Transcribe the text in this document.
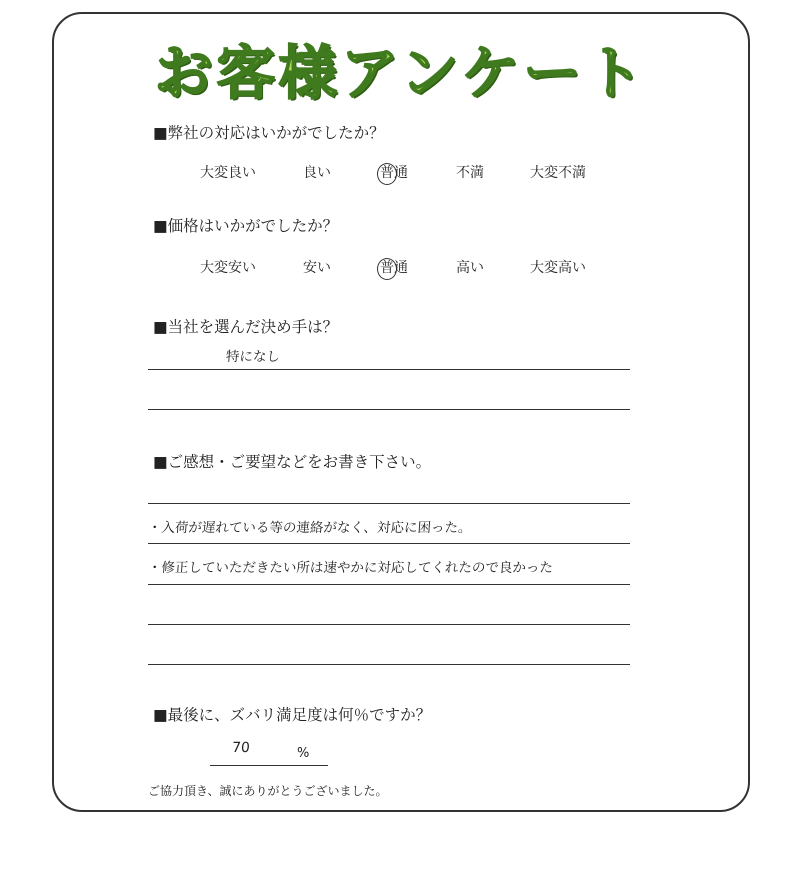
お客様アンケート
■弊社の対応はいかがでしたか？
大変良い	良い	普通	不満	大変不満
■価格はいかがでしたか？
大変安い	安い	普通	高い	大変高い
■当社を選んだ決め手は？
特になし
■ご感想・ご要望などをお書き下さい。
・入荷が遅れている等の連絡がなく、対応に困った。
・修正していただきたい所は速やかに対応してくれたので良かった
■最後に、ズバリ満足度は何％ですか？
70	%
ご協力頂き、誠にありがとうございました。
